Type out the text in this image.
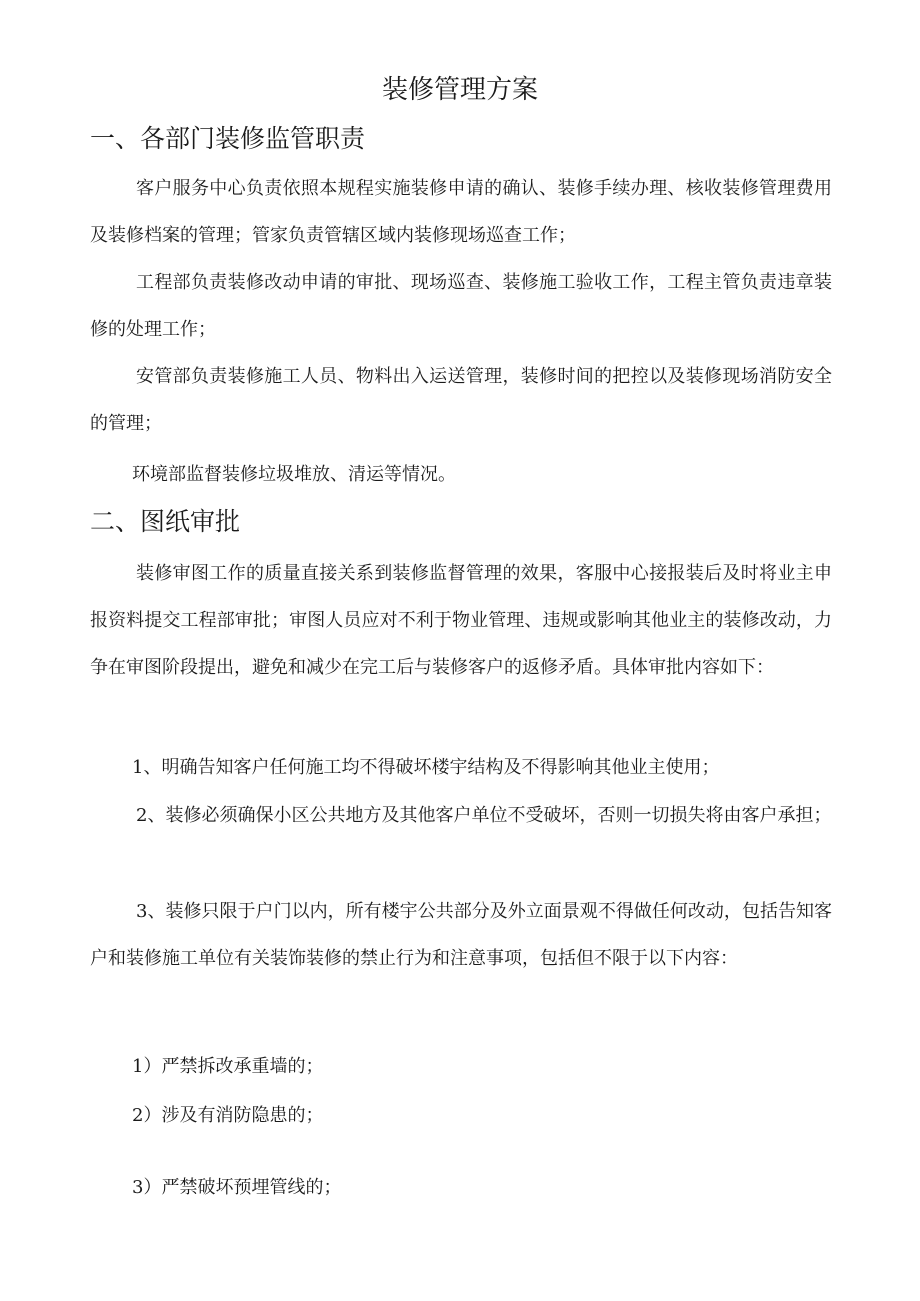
装修管理方案
一、各部门装修监管职责

客户服务中心负责依照本规程实施装修申请的确认、装修手续办理、核收装修管理费用及装修档案的管理；管家负责管辖区域内装修现场巡查工作；

工程部负责装修改动申请的审批、现场巡查、装修施工验收工作，工程主管负责违章装修的处理工作；

安管部负责装修施工人员、物料出入运送管理，装修时间的把控以及装修现场消防安全的管理；

环境部监督装修垃圾堆放、清运等情况。

二、图纸审批

装修审图工作的质量直接关系到装修监督管理的效果，客服中心接报装后及时将业主申报资料提交工程部审批；审图人员应对不利于物业管理、违规或影响其他业主的装修改动，力争在审图阶段提出，避免和减少在完工后与装修客户的返修矛盾。具体审批内容如下：

1、明确告知客户任何施工均不得破坏楼宇结构及不得影响其他业主使用；

2、装修必须确保小区公共地方及其他客户单位不受破坏，否则一切损失将由客户承担；

3、装修只限于户门以内，所有楼宇公共部分及外立面景观不得做任何改动，包括告知客户和装修施工单位有关装饰装修的禁止行为和注意事项，包括但不限于以下内容：

1）严禁拆改承重墙的；

2）涉及有消防隐患的；

3）严禁破坏预埋管线的；
